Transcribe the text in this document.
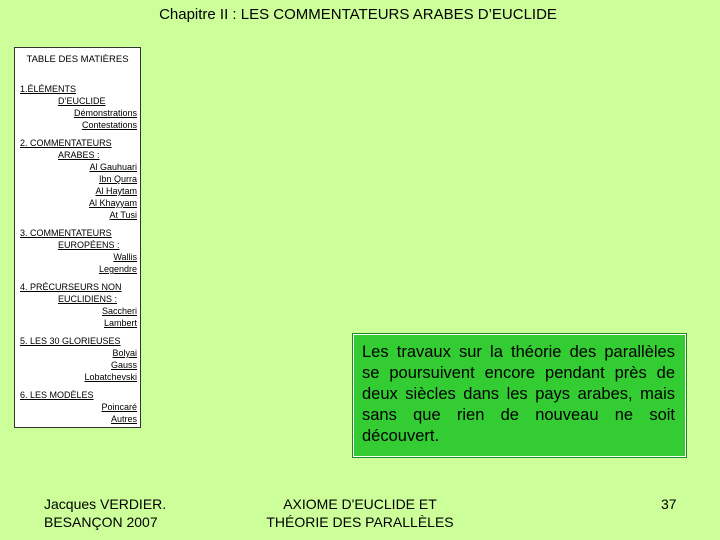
Chapitre II : LES COMMENTATEURS ARABES D’EUCLIDE
TABLE DES MATIÈRES
1.ÉLÉMENTS
D’EUCLIDE
Démonstrations
Contestations
2. COMMENTATEURS
ARABES :
Al Gauhuari
Ibn Qurra
Al Haytam
Al Khayyam
At Tusi
3. COMMENTATEURS
EUROPÉENS :
Wallis
Legendre
4. PRÉCURSEURS NON
EUCLIDIENS :
Saccheri
Lambert
5. LES 30 GLORIEUSES
Bolyai
Gauss
Lobatchevski
6. LES MODÈLES
Poincaré
Autres
Les travaux sur la théorie des parallèles se poursuivent encore pendant près de deux siècles dans les pays arabes, mais sans que rien de nouveau ne soit découvert.
Jacques VERDIER.
BESANÇON 2007
AXIOME D'EUCLIDE ET
THÉORIE DES PARALLÈLES
37
